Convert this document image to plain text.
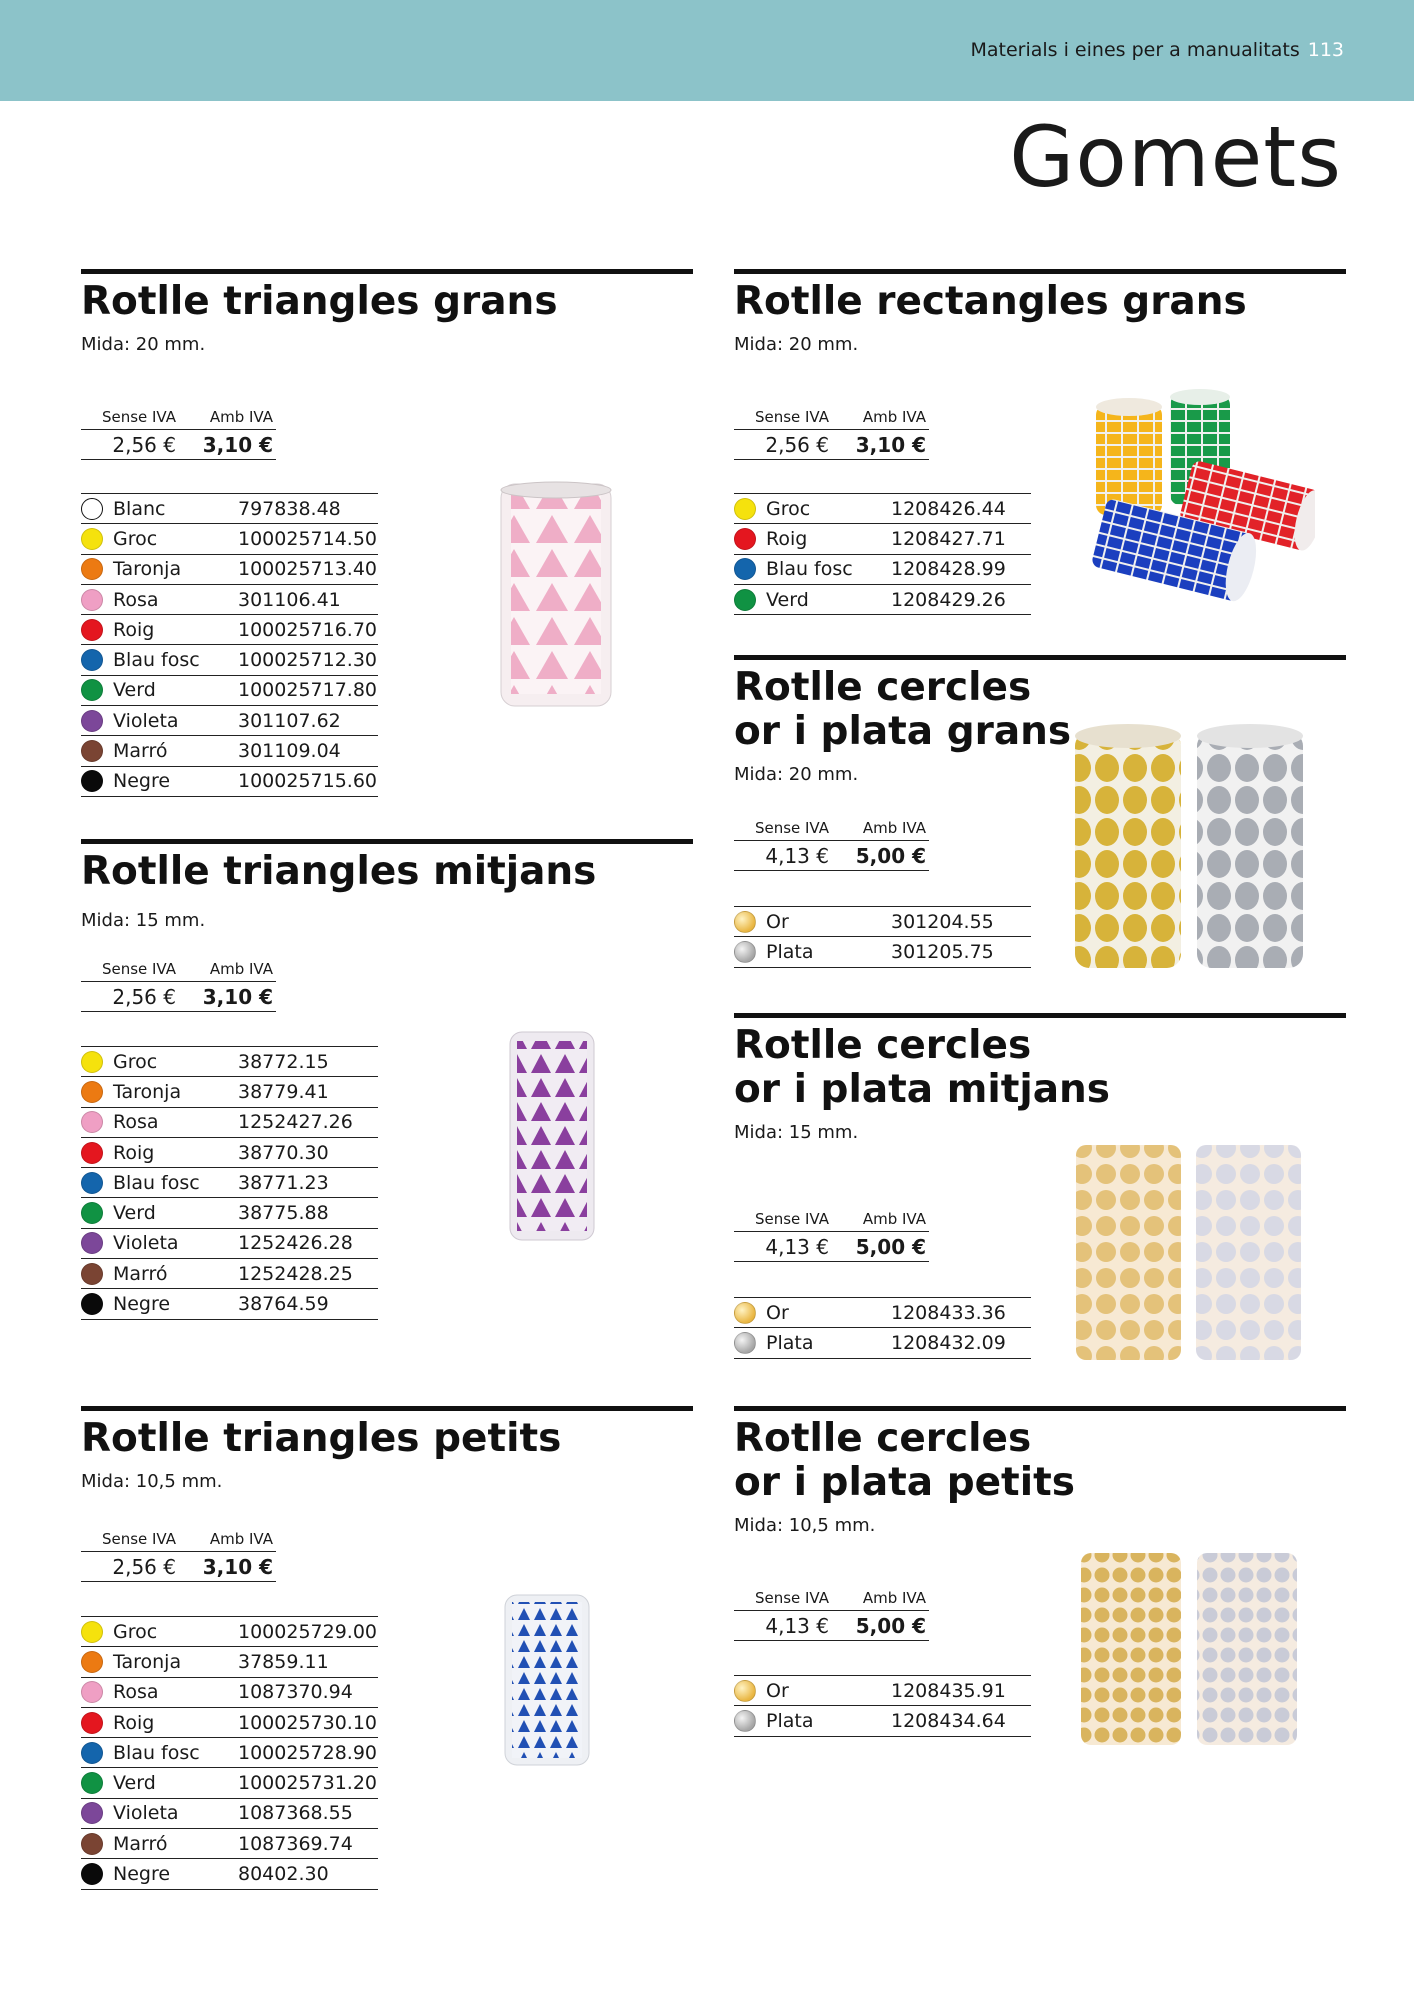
Materials i eines per a manualitats 113
Gomets
Rotlle triangles grans

Mida: 20 mm.

Sense IVA	Amb IVA
2,56 €	3,10 €
Blanc	797838.48
Groc	100025714.50
Taronja	100025713.40
Rosa	301106.41
Roig	100025716.70
Blau fosc	100025712.30
Verd	100025717.80
Violeta	301107.62
Marró	301109.04
Negre	100025715.60
Rotlle triangles mitjans

Mida: 15 mm.

Sense IVA	Amb IVA
2,56 €	3,10 €
Groc	38772.15
Taronja	38779.41
Rosa	1252427.26
Roig	38770.30
Blau fosc	38771.23
Verd	38775.88
Violeta	1252426.28
Marró	1252428.25
Negre	38764.59
Rotlle triangles petits

Mida: 10,5 mm.

Sense IVA	Amb IVA
2,56 €	3,10 €
Groc	100025729.00
Taronja	37859.11
Rosa	1087370.94
Roig	100025730.10
Blau fosc	100025728.90
Verd	100025731.20
Violeta	1087368.55
Marró	1087369.74
Negre	80402.30
Rotlle rectangles grans

Mida: 20 mm.

Sense IVA	Amb IVA
2,56 €	3,10 €
Groc	1208426.44
Roig	1208427.71
Blau fosc	1208428.99
Verd	1208429.26
Rotlle cercles
or i plata grans

Mida: 20 mm.

Sense IVA	Amb IVA
4,13 €	5,00 €
Or	301204.55
Plata	301205.75
Rotlle cercles
or i plata mitjans

Mida: 15 mm.

Sense IVA	Amb IVA
4,13 €	5,00 €
Or	1208433.36
Plata	1208432.09
Rotlle cercles
or i plata petits

Mida: 10,5 mm.

Sense IVA	Amb IVA
4,13 €	5,00 €
Or	1208435.91
Plata	1208434.64
